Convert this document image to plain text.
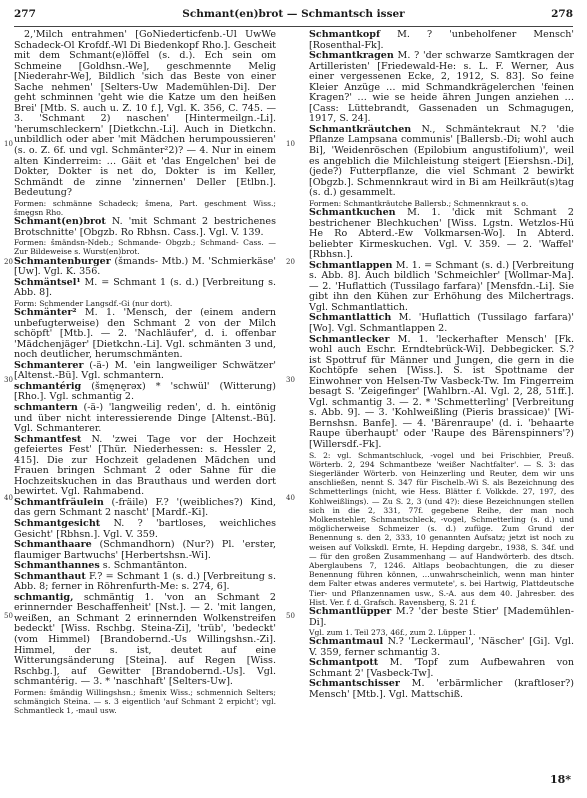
277	Schmant(en)brot — Schmantsch isser	278

2,'Milch entrahmen' [GoNiederticfenb.-Ul UwWe Schadeck-Ol Krofdf.-Wl Di Biedenkopf Rho.]. Gescheit mit dem Schmant(e)löffel (s. d.). Ech sein om Schmeine [Goldhsn.-We], geschmennte Melig [Niederahr-We], Bildlich 'sich das Beste von einer Sache nehmen' [Selters-Uw Mademühlen-Di]. Der geht schminnen 'geht wie die Katze um den heißen Brei' [Mtb. S. auch u. Z. 10 f.], Vgl. K. 356, C. 745. — 3. 'Schmant 2) naschen' [Hintermeilgn.-Li]. 'herumschleckern' [Dietkchn.-Li]. Auch in Dietkchn. unbildlich oder aber 'mit Mädchen herumpoussieren' (s. o. Z. 6f. und vgl. Schmänter²2)? — 4. Nur in einem alten Kinderreim: … Gäit et 'das Engelchen' bei de Dokter, Dokter is net do, Dokter is im Keller, Schmändt de zinne 'zinnernen' Deller [Etlbn.]. Bedeutung?

Formen: schmänne Schadeck; šmena, Part. geschment Wiss.; šmęgsn Rho.

Schmant(en)brot N. 'mit Schmant 2 bestrichenes Brotschnitte' [Obgzb. Ro Rbhsn. Cass.]. Vgl. V. 139.

Formen: šmändsn-Ndeb.; Schmande- Obgzb.; Schmand- Cass. — Zur Bildeweise s. Wurst(en)brot.

Schmantenburger (šmands- Mtb.) M. 'Schmierkäse' [Uw]. Vgl. K. 356.

Schmäntsel¹ M. = Schmant 1 (s. d.) [Verbreitung s. Abb. 8].

Form: Schmender Langsdf.-Gi (nur dort).

Schmänter² M. 1. 'Mensch, der (einem andern unbefugterweise) den Schmant 2 von der Milch schöpft' [Mtb.]. — 2. 'Nachläufer', d. i. offenbar 'Mädchenjäger' [Dietkchn.-Li]. Vgl. schmänten 3 und, noch deutlicher, herumschmänten.

Schmanterer (-ä-) M. 'ein langweiliger Schwätzer' [Altenst.-Bü]. Vgl. schmantern.

schmantérig (šmęnęrəx) * 'schwül' (Witterung) [Rho.]. Vgl. schmantig 2.

schmantern (-ä-) 'langweilig reden', d. h. eintönig und über nicht interessierende Dinge [Altenst.-Bü]. Vgl. Schmanterer.

Schmantfest N. 'zwei Tage vor der Hochzeit gefeiertes Fest' [Thür. Niederhessen: s. Hessler 2, 415]. Die zur Hochzeit geladenen Mädchen und Frauen bringen Schmant 2 oder Sahne für die Hochzeitskuchen in das Brauthaus und werden dort bewirtet. Vgl. Rahmabend.

Schmantfräulein (-fräile) F.? '(weibliches?) Kind, das gern Schmant 2 nascht' [Mardf.-Ki].

Schmantgesicht N. ? 'bartloses, weichliches Gesicht' [Rbhsn.]. Vgl. V. 359.

Schmanthaare (Schmandhorn) (Nur?) Pl. 'erster, flaumiger Bartwuchs' [Herbertshsn.-Wi].

Schmanthannes s. Schmantänton.

Schmanthaut F.? = Schmant 1 (s. d.) [Verbreitung s. Abb. 8; ferner in Röhrenfurth-Me: s. 274, 6].

schmantig, schmäntig 1. 'von an Schmant 2 erinnernder Beschaffenheit' [Nst.]. — 2. 'mit langen, weißen, an Schmant 2 erinnernden Wolkenstreifen bedeckt' [Wiss. Rschbg. Steina-Zi], 'trüb', 'bedeckt' (vom Himmel) [Brandobernd.-Us Willingshsn.-Zi]. Himmel, der s. ist, deutet auf eine Witterungsänderung [Steina]. auf Regen [Wiss. Rschbg.], auf Gewitter [Brandobernd.-Us]. Vgl. schmantérig. — 3. * 'naschhaft' [Selters-Uw].

Formen: šmändig Willingshsn.; šmenix Wiss.; schmennich Selters; schmängich Steina. — s. 3 eigentlich 'auf Schmant 2 erpicht'; vgl. Schmantleck 1, -maul usw.

Schmantkopf M. ? 'unbeholfener Mensch' [Rosenthal-Fk].

Schmantkragen M. ? 'der schwarze Samtkragen der Artilleristen' [Friedewald-He: s. L. F. Werner, Aus einer vergessenen Ecke, 2, 1912, S. 83]. So feine Kleier Anzüge … mid Schmandkrägelerchen 'feinen Kragen?' … wie se heide ähren Jungen anziehen … [Cass: Lüttebrandt, Gassenaden un Schmagugen, 1917, S. 24].

Schmantkräutchen N., Schmäntekraut N.? 'die Pflanze Lampsana communis' [Ballersb.-Di; wohl auch Bi], 'Weidenröschen (Epilobium angustifolium)', weil es angeblich die Milchleistung steigert [Eiershsn.-Di], (jede?) Futterpflanze, die viel Schmant 2 bewirkt [Obgzb.]. Schmennkraut wird in Bi am Heilkräut(s)tag (s. d.) gesammelt.

Formen: Schmantkräutche Ballersb.; Schmennkraut s. o.

Schmantkuchen M. 1. 'dick mit Schmant 2 bestrichener Blechkuchen' [Wiss. Lgstn. Wetzlos-Hü He Ro Abterd.-Ew Volkmarsen-Wo]. In Abterd. beliebter Kirmeskuchen. Vgl. V. 359. — 2. 'Waffel' [Rbhsn.].

Schmantlappen M. 1. = Schmant (s. d.) [Verbreitung s. Abb. 8]. Auch bildlich 'Schmeichler' [Wollmar-Ma]. — 2. 'Huflattich (Tussilago farfara)' [Mensfdn.-Li]. Sie gibt ihn den Kühen zur Erhöhung des Milchertrags. Vgl. Schmantlattich.

Schmantlattich M. 'Huflattich (Tussilago farfara)' [Wo]. Vgl. Schmantlappen 2.

Schmantlecker M. 1. 'leckerhafter Mensch' [Fk. wohl auch Eschr. Erndtebrück-Wi]. Debbegicker. S.? ist Spottruf für Männer und Jungen, die gern in die Kochtöpfe sehen [Wiss.]. S. ist Spottname der Einwohner von Helsen-Tw Vasbeck-Tw. Im Fingerreim besagt S. 'Zeigefinger' [Wahlbrn.-Al. Vgl. 2, 28, 51ff.]. Vgl. schmantig 3. — 2. * 'Schmetterling' [Verbreitung s. Abb. 9]. — 3. 'Kohlweißling (Pieris brassicae)' [Wi-Bernshsn. Banfe]. — 4. 'Bärenraupe' (d. i. 'behaarte Raupe überhaupt' oder 'Raupe des Bärenspinners'?) [Willersdf.-Fk].

S. 2: vgl. Schmantschluck, -vogel und bei Frischbier, Preuß. Wörterb. 2, 294 Schmantbeze 'weißer Nachtfalter'. — S. 3: das Siegerländer Wörterb. von Heinzerling und Reuter, dem wir uns anschließen, nennt S. 347 für Fischelb.-Wi S. als Bezeichnung des Schmetterlings (nicht, wie Hess. Blätter f. Volkkde. 27, 197, des Kohlweißlings). — Zu S. 2, 3 (und 4?): diese Bezeichnungen stellen sich in die 2, 331, 77f. gegebene Reihe, der man noch Molkenstehler, Schmantschleck, -vogel, Schmetterling (s. d.) und möglicherweise Schmeizer (s. d.) zufüge. Zum Grund der Benennung s. den 2, 333, 10 genannten Aufsatz; jetzt ist noch zu weisen auf Volkskdl. Ernte, H. Hepding dargebr., 1938, S. 34f. und — für den großen Zusammenhang — auf Handwörterb. des dtsch. Aberglaubens 7, 1246. Altlaps beobachtungen, die zu dieser Benennung führen können, …unwahrscheinlich, wenn man hinter dem Falter etwas anderes vermutete', s. bei Hartwig, Plattdeutsche Tier- und Pflanzennamen usw., S.-A. aus dem 40. Jahresber. des Hist. Ver. f. d. Grafsch. Ravensberg, S. 21 f.

Schmantlüpper M.? 'der beste Stier' [Mademühlen-Di].

Vgl. zum 1. Teil 273, 46f., zum 2. Lüpper 1.

Schmantmaul N.? 'Leckermaul', 'Näscher' [Gi]. Vgl. V. 359, ferner schmantig 3.

Schmantpott M. 'Topf zum Aufbewahren von Schmant 2' [Vasbeck-Tw].

Schmantschisser M. 'erbärmlicher (kraftloser?) Mensch' [Mtb.]. Vgl. Mattschiß.

10
20
30
40
50
10
20
30
40
50
18*
